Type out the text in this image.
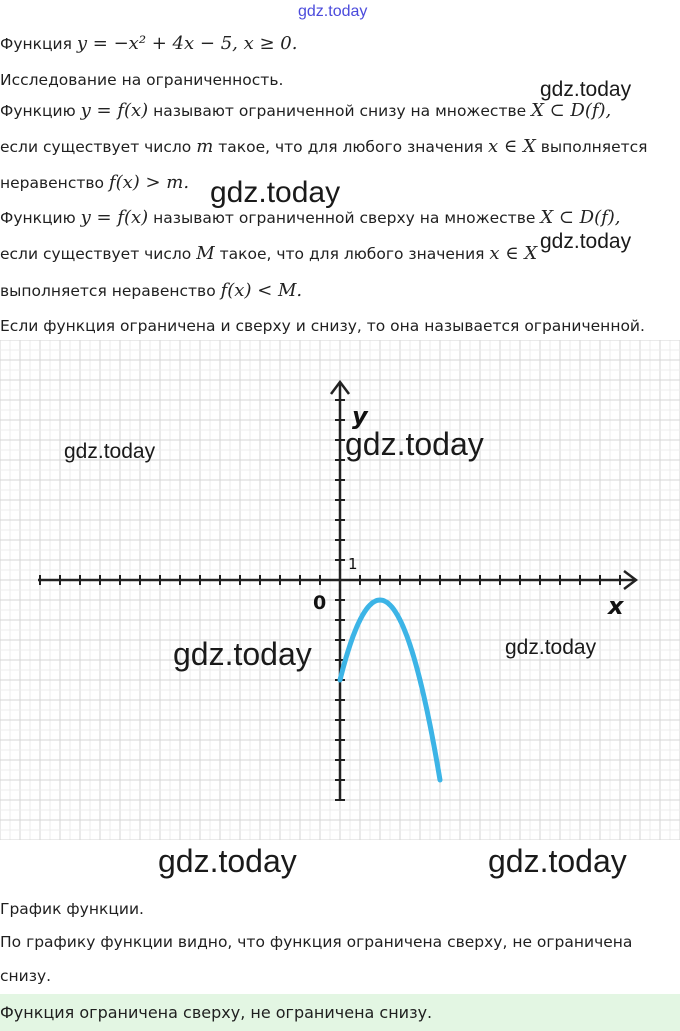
gdz.today
Функция y = −x² + 4x − 5, x ≥ 0.
Исследование на ограниченность.
Функцию y = f(x) называют ограниченной снизу на множестве X ⊂ D(f),
если существует число m такое, что для любого значения x ∈ X выполняется
неравенство f(x) > m.
Функцию y = f(x) называют ограниченной сверху на множестве X ⊂ D(f),
если существует число M такое, что для любого значения x ∈ X
выполняется неравенство f(x) < M.
Если функция ограничена и сверху и снизу, то она называется ограниченной.
gdz.today
gdz.today
gdz.today
y
x
0
1
gdz.today
gdz.today
gdz.today	gdz.today
gdz.today	gdz.today
График функции.
По графику функции видно, что функция ограничена сверху, не ограничена
снизу.
Функция ограничена сверху, не ограничена снизу.
